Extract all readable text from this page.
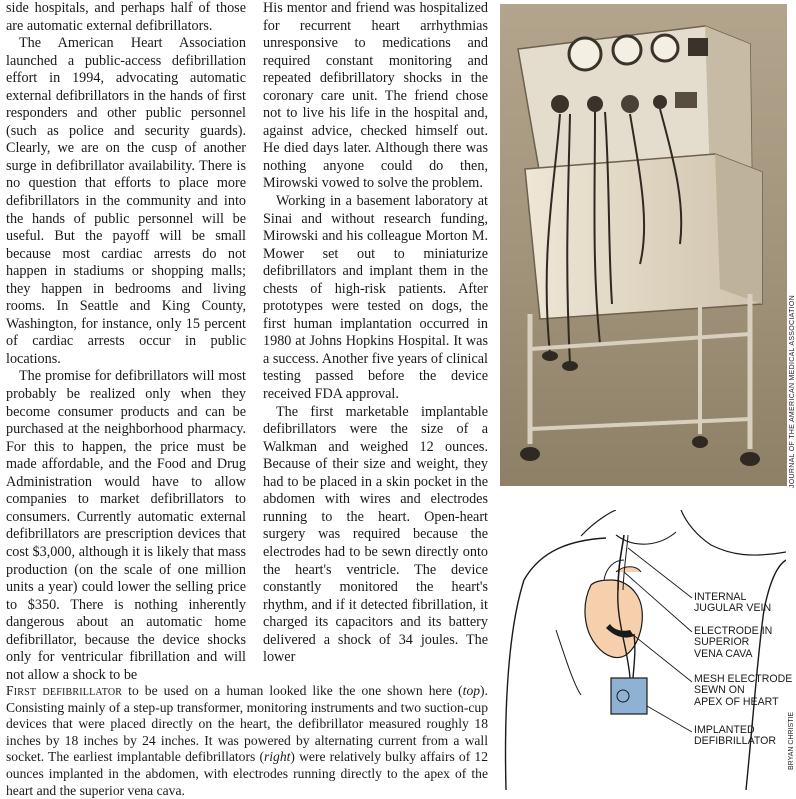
side hospitals, and perhaps half of those are automatic external defibrillators.

The American Heart Association launched a public-access defibrillation effort in 1994, advocating automatic external defibrillators in the hands of first responders and other public personnel (such as police and security guards). Clearly, we are on the cusp of another surge in defibrillator availability. There is no question that efforts to place more defibrillators in the community and into the hands of public personnel will be useful. But the payoff will be small because most cardiac arrests do not happen in stadiums or shopping malls; they happen in bedrooms and living rooms. In Seattle and King County, Washington, for instance, only 15 percent of cardiac arrests occur in public locations.

The promise for defibrillators will most probably be realized only when they become consumer products and can be purchased at the neighborhood pharmacy. For this to happen, the price must be made affordable, and the Food and Drug Administration would have to allow companies to market defibrillators to consumers. Currently automatic external defibrillators are prescription devices that cost $3,000, although it is likely that mass production (on the scale of one million units a year) could lower the selling price to $350. There is nothing inherently dangerous about an automatic home defibrillator, because the device shocks only for ventricular fibrillation and will not allow a shock to be

His mentor and friend was hospitalized for recurrent heart arrhythmias unresponsive to medications and required constant monitoring and repeated defibrillatory shocks in the coronary care unit. The friend chose not to live his life in the hospital and, against advice, checked himself out. He died days later. Although there was nothing anyone could do then, Mirowski vowed to solve the problem.

Working in a basement laboratory at Sinai and without research funding, Mirowski and his colleague Morton M. Mower set out to miniaturize defibrillators and implant them in the chests of high-risk patients. After prototypes were tested on dogs, the first human implantation occurred in 1980 at Johns Hopkins Hospital. It was a success. Another five years of clinical testing passed before the device received FDA approval.

The first marketable implantable defibrillators were the size of a Walkman and weighed 12 ounces. Because of their size and weight, they had to be placed in a skin pocket in the abdomen with wires and electrodes running to the heart. Open-heart surgery was required because the electrodes had to be sewn directly onto the heart's ventricle. The device constantly monitored the heart's rhythm, and if it detected fibrillation, it charged its capacitors and its battery delivered a shock of 34 joules. The lower

JOURNAL OF THE AMERICAN MEDICAL ASSOCIATION
INTERNAL
JUGULAR VEIN
ELECTRODE IN
SUPERIOR
VENA CAVA
MESH ELECTRODE
SEWN ON
APEX OF HEART
IMPLANTED
DEFIBRILLATOR BRYAN CHRISTIE
First defibrillator to be used on a human looked like the one shown here (top). Consisting mainly of a step-up transformer, monitoring instruments and two suction-cup devices that were placed directly on the heart, the defibrillator measured roughly 18 inches by 18 inches by 24 inches. It was powered by alternating current from a wall socket. The earliest implantable defibrillators (right) were relatively bulky affairs of 12 ounces implanted in the abdomen, with electrodes running directly to the apex of the heart and the superior vena cava.
